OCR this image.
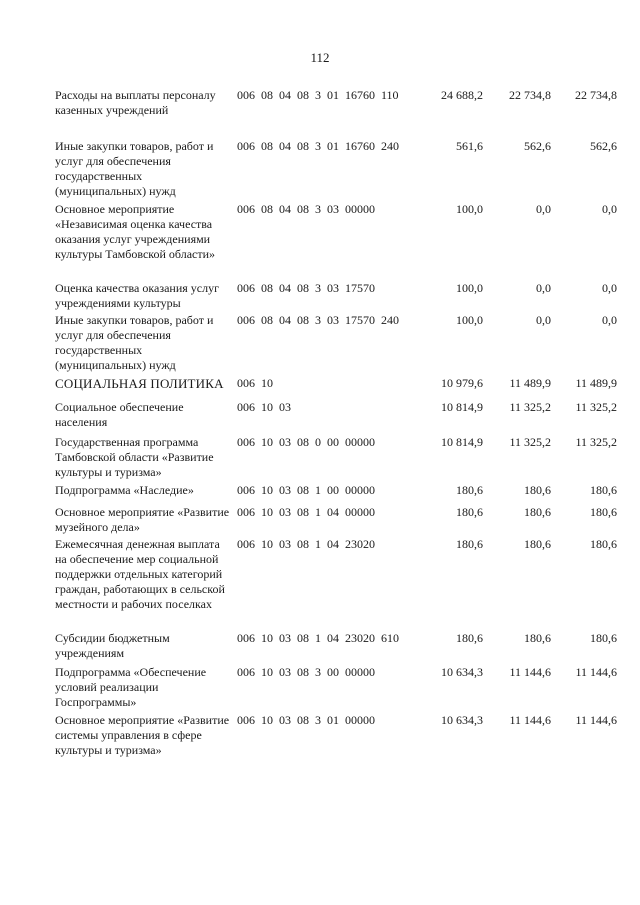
112
Расходы на выплаты персоналу казенных учреждений
006 08 04 08 3 01 16760 110	24 688,2	22 734,8	22 734,8
Иные закупки товаров, работ и услуг для обеспечения государственных (муниципальных) нужд
006 08 04 08 3 01 16760 240	561,6	562,6	562,6
Основное мероприятие «Независимая оценка качества оказания услуг учреждениями культуры Тамбовской области»
006 08 04 08 3 03 00000	100,0	0,0	0,0
Оценка качества оказания услуг учреждениями культуры
006 08 04 08 3 03 17570	100,0	0,0	0,0
Иные закупки товаров, работ и услуг для обеспечения государственных (муниципальных) нужд
006 08 04 08 3 03 17570 240	100,0	0,0	0,0
СОЦИАЛЬНАЯ ПОЛИТИКА	006 10	10 979,6	11 489,9	11 489,9
Социальное обеспечение населения
006 10 03	10 814,9	11 325,2	11 325,2
Государственная программа Тамбовской области «Развитие культуры и туризма»
006 10 03 08 0 00 00000	10 814,9	11 325,2	11 325,2
Подпрограмма «Наследие»	006 10 03 08 1 00 00000	180,6	180,6	180,6
Основное мероприятие «Развитие музейного дела»
006 10 03 08 1 04 00000	180,6	180,6	180,6
Ежемесячная денежная выплата на обеспечение мер социальной поддержки отдельных категорий граждан, работающих в сельской местности и рабочих поселках
006 10 03 08 1 04 23020	180,6	180,6	180,6
Субсидии бюджетным учреждениям
006 10 03 08 1 04 23020 610	180,6	180,6	180,6
Подпрограмма «Обеспечение условий реализации Госпрограммы»
006 10 03 08 3 00 00000	10 634,3	11 144,6	11 144,6
Основное мероприятие «Развитие системы управления в сфере культуры и туризма»
006 10 03 08 3 01 00000	10 634,3	11 144,6	11 144,6
